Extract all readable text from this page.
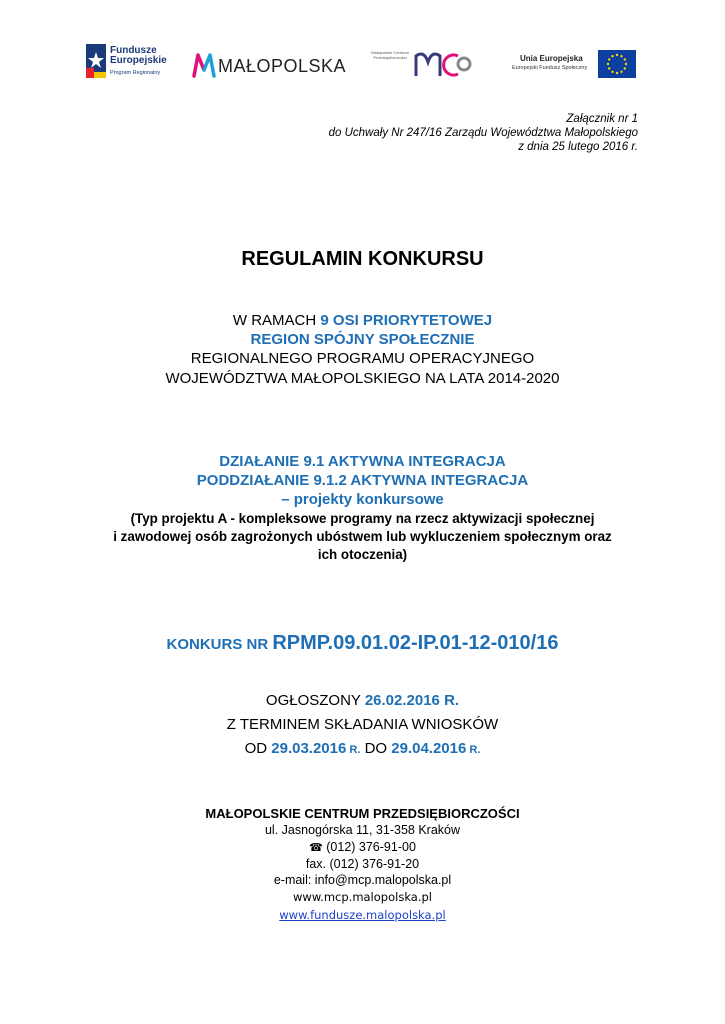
Fundusze
Europejskie
Program Regionalny	MAŁOPOLSKA
Małopolskie Centrum Przedsiębiorczości	Unia Europejska
Europejski Fundusz Społeczny
Załącznik nr 1
do Uchwały Nr 247/16 Zarządu Województwa Małopolskiego
z dnia 25 lutego 2016 r.
REGULAMIN KONKURSU
W RAMACH 9 OSI PRIORYTETOWEJ
REGION SPÓJNY SPOŁECZNIE
REGIONALNEGO PROGRAMU OPERACYJNEGO
WOJEWÓDZTWA MAŁOPOLSKIEGO NA LATA 2014-2020
DZIAŁANIE 9.1 AKTYWNA INTEGRACJA
PODDZIAŁANIE 9.1.2 AKTYWNA INTEGRACJA
– projekty konkursowe
(Typ projektu A - kompleksowe programy na rzecz aktywizacji społecznej
i zawodowej osób zagrożonych ubóstwem lub wykluczeniem społecznym oraz
ich otoczenia)
KONKURS NR RPMP.09.01.02-IP.01-12-010/16
OGŁOSZONY 26.02.2016 R.
Z TERMINEM SKŁADANIA WNIOSKÓW
OD 29.03.2016 R. DO 29.04.2016 R.
MAŁOPOLSKIE CENTRUM PRZEDSIĘBIORCZOŚCI
ul. Jasnogórska 11, 31-358 Kraków
☎ (012) 376-91-00
fax. (012) 376-91-20
e-mail: info@mcp.malopolska.pl
www.mcp.malopolska.pl
www.fundusze.malopolska.pl
